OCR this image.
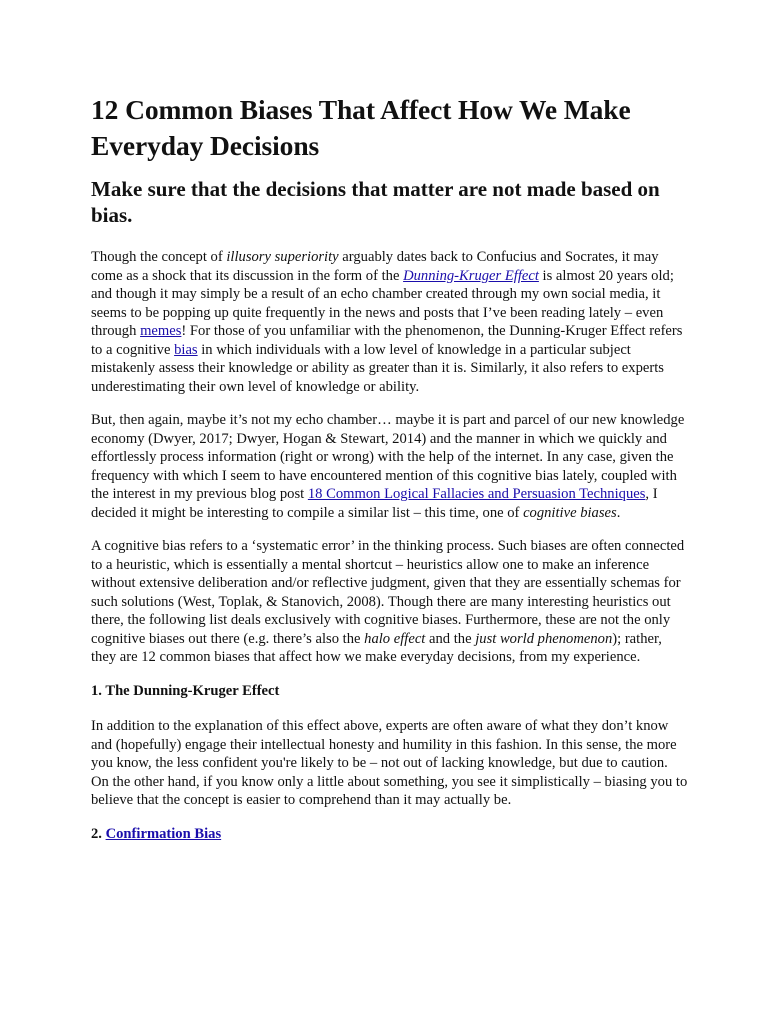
12 Common Biases That Affect How We Make Everyday Decisions
Make sure that the decisions that matter are not made based on bias.

Though the concept of illusory superiority arguably dates back to Confucius and Socrates, it may come as a shock that its discussion in the form of the Dunning-Kruger Effect is almost 20 years old; and though it may simply be a result of an echo chamber created through my own social media, it seems to be popping up quite frequently in the news and posts that I’ve been reading lately – even through memes! For those of you unfamiliar with the phenomenon, the Dunning-Kruger Effect refers to a cognitive bias in which individuals with a low level of knowledge in a particular subject mistakenly assess their knowledge or ability as greater than it is. Similarly, it also refers to experts underestimating their own level of knowledge or ability.

But, then again, maybe it’s not my echo chamber… maybe it is part and parcel of our new knowledge economy (Dwyer, 2017; Dwyer, Hogan & Stewart, 2014) and the manner in which we quickly and effortlessly process information (right or wrong) with the help of the internet. In any case, given the frequency with which I seem to have encountered mention of this cognitive bias lately, coupled with the interest in my previous blog post 18 Common Logical Fallacies and Persuasion Techniques, I decided it might be interesting to compile a similar list – this time, one of cognitive biases.

A cognitive bias refers to a ‘systematic error’ in the thinking process. Such biases are often connected to a heuristic, which is essentially a mental shortcut – heuristics allow one to make an inference without extensive deliberation and/or reflective judgment, given that they are essentially schemas for such solutions (West, Toplak, & Stanovich, 2008). Though there are many interesting heuristics out there, the following list deals exclusively with cognitive biases. Furthermore, these are not the only cognitive biases out there (e.g. there’s also the halo effect and the just world phenomenon); rather, they are 12 common biases that affect how we make everyday decisions, from my experience.

1. The Dunning-Kruger Effect

In addition to the explanation of this effect above, experts are often aware of what they don’t know and (hopefully) engage their intellectual honesty and humility in this fashion. In this sense, the more you know, the less confident you're likely to be – not out of lacking knowledge, but due to caution. On the other hand, if you know only a little about something, you see it simplistically – biasing you to believe that the concept is easier to comprehend than it may actually be.

2. Confirmation Bias
